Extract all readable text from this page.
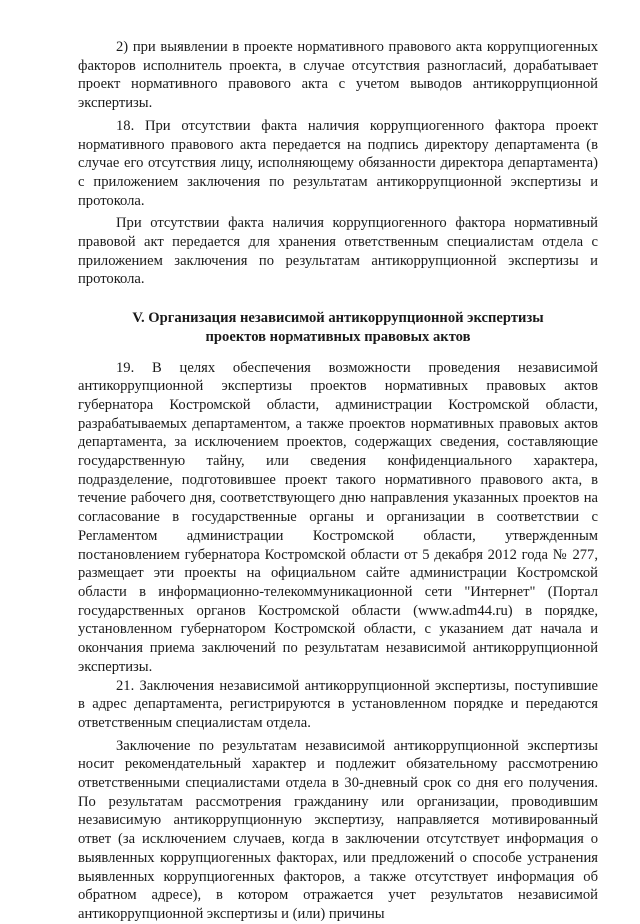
2) при выявлении в проекте нормативного правового акта коррупциогенных факторов исполнитель проекта, в случае отсутствия разногласий, дорабатывает проект нормативного правового акта с учетом выводов антикоррупционной экспертизы.

18. При отсутствии факта наличия коррупциогенного фактора проект нормативного правового акта передается на подпись директору департамента (в случае его отсутствия лицу, исполняющему обязанности директора департамента) с приложением заключения по результатам антикоррупционной экспертизы и протокола.

При отсутствии факта наличия коррупциогенного фактора нормативный правовой акт передается для хранения ответственным специалистам отдела с приложением заключения по результатам антикоррупционной экспертизы и протокола.

V. Организация независимой антикоррупционной экспертизы
проектов нормативных правовых актов

19. В целях обеспечения возможности проведения независимой антикоррупционной экспертизы проектов нормативных правовых актов губернатора Костромской области, администрации Костромской области, разрабатываемых департаментом, а также проектов нормативных правовых актов департамента, за исключением проектов, содержащих сведения, составляющие государственную тайну, или сведения конфиденциального характера, подразделение, подготовившее проект такого нормативного правового акта, в течение рабочего дня, соответствующего дню направления указанных проектов на согласование в государственные органы и организации в соответствии с Регламентом администрации Костромской области, утвержденным постановлением губернатора Костромской области от 5 декабря 2012 года № 277, размещает эти проекты на официальном сайте администрации Костромской области в информационно-телекоммуникационной сети "Интернет" (Портал государственных органов Костромской области (www.adm44.ru) в порядке, установленном губернатором Костромской области, с указанием дат начала и окончания приема заключений по результатам независимой антикоррупционной экспертизы.

21. Заключения независимой антикоррупционной экспертизы, поступившие в адрес департамента, регистрируются в установленном порядке и передаются ответственным специалистам отдела.

Заключение по результатам независимой антикоррупционной экспертизы носит рекомендательный характер и подлежит обязательному рассмотрению ответственными специалистами отдела в 30-дневный срок со дня его получения. По результатам рассмотрения гражданину или организации, проводившим независимую антикоррупционную экспертизу, направляется мотивированный ответ (за исключением случаев, когда в заключении отсутствует информация о выявленных коррупциогенных факторах, или предложений о способе устранения выявленных коррупциогенных факторов, а также отсутствует информация об обратном адресе), в котором отражается учет результатов независимой антикоррупционной экспертизы и (или) причины
